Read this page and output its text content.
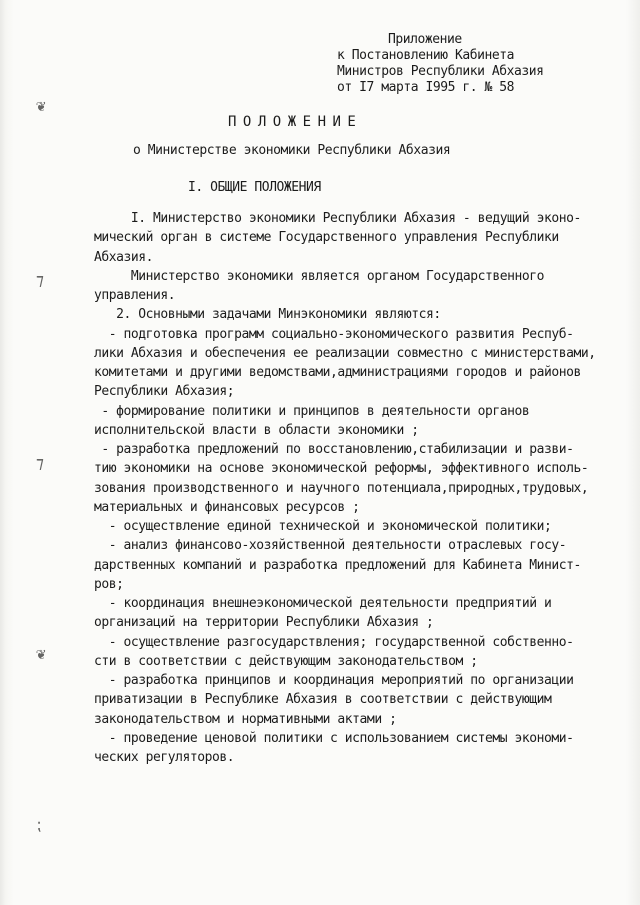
❦
⁊
⁊
❦
⁏
Приложение
к Постановлению Кабинета
Министров Республики Абхазия
от I7 марта I995 г. № 58
ПОЛОЖЕНИЕ
о Министерстве экономики Республики Абхазия
I. ОБЩИЕ ПОЛОЖЕНИЯ
I. Министерство экономики Республики Абхазия - ведущий эконо-
мический орган в системе Государственного управления Республики
Абхазия.
Министерство экономики является органом Государственного
управления.
2. Основными задачами Минэкономики являются:
- подготовка программ социально-экономического развития Респуб-
лики Абхазия и обеспечения ее реализации совместно с министерствами,
комитетами и другими ведомствами,администрациями городов и районов
Республики Абхазия;
- формирование политики и принципов в деятельности органов
исполнительской власти в области экономики ;
- разработка предложений по восстановлению,стабилизации и разви-
тию экономики на основе экономической реформы, эффективного исполь-
зования производственного и научного потенциала,природных,трудовых,
материальных и финансовых ресурсов ;
- осуществление единой технической и экономической политики;
- анализ финансово-хозяйственной деятельности отраслевых госу-
дарственных компаний и разработка предложений для Кабинета Минист-
ров;
- координация внешнеэкономической деятельности предприятий и
организаций на территории Республики Абхазия ;
- осуществление разгосударствления; государственной собственно-
сти в соответствии с действующим законодательством ;
- разработка принципов и координация мероприятий по организации
приватизации в Республике Абхазия в соответствии с действующим
законодательством и нормативными актами ;
- проведение ценовой политики с использованием системы экономи-
ческих регуляторов.
